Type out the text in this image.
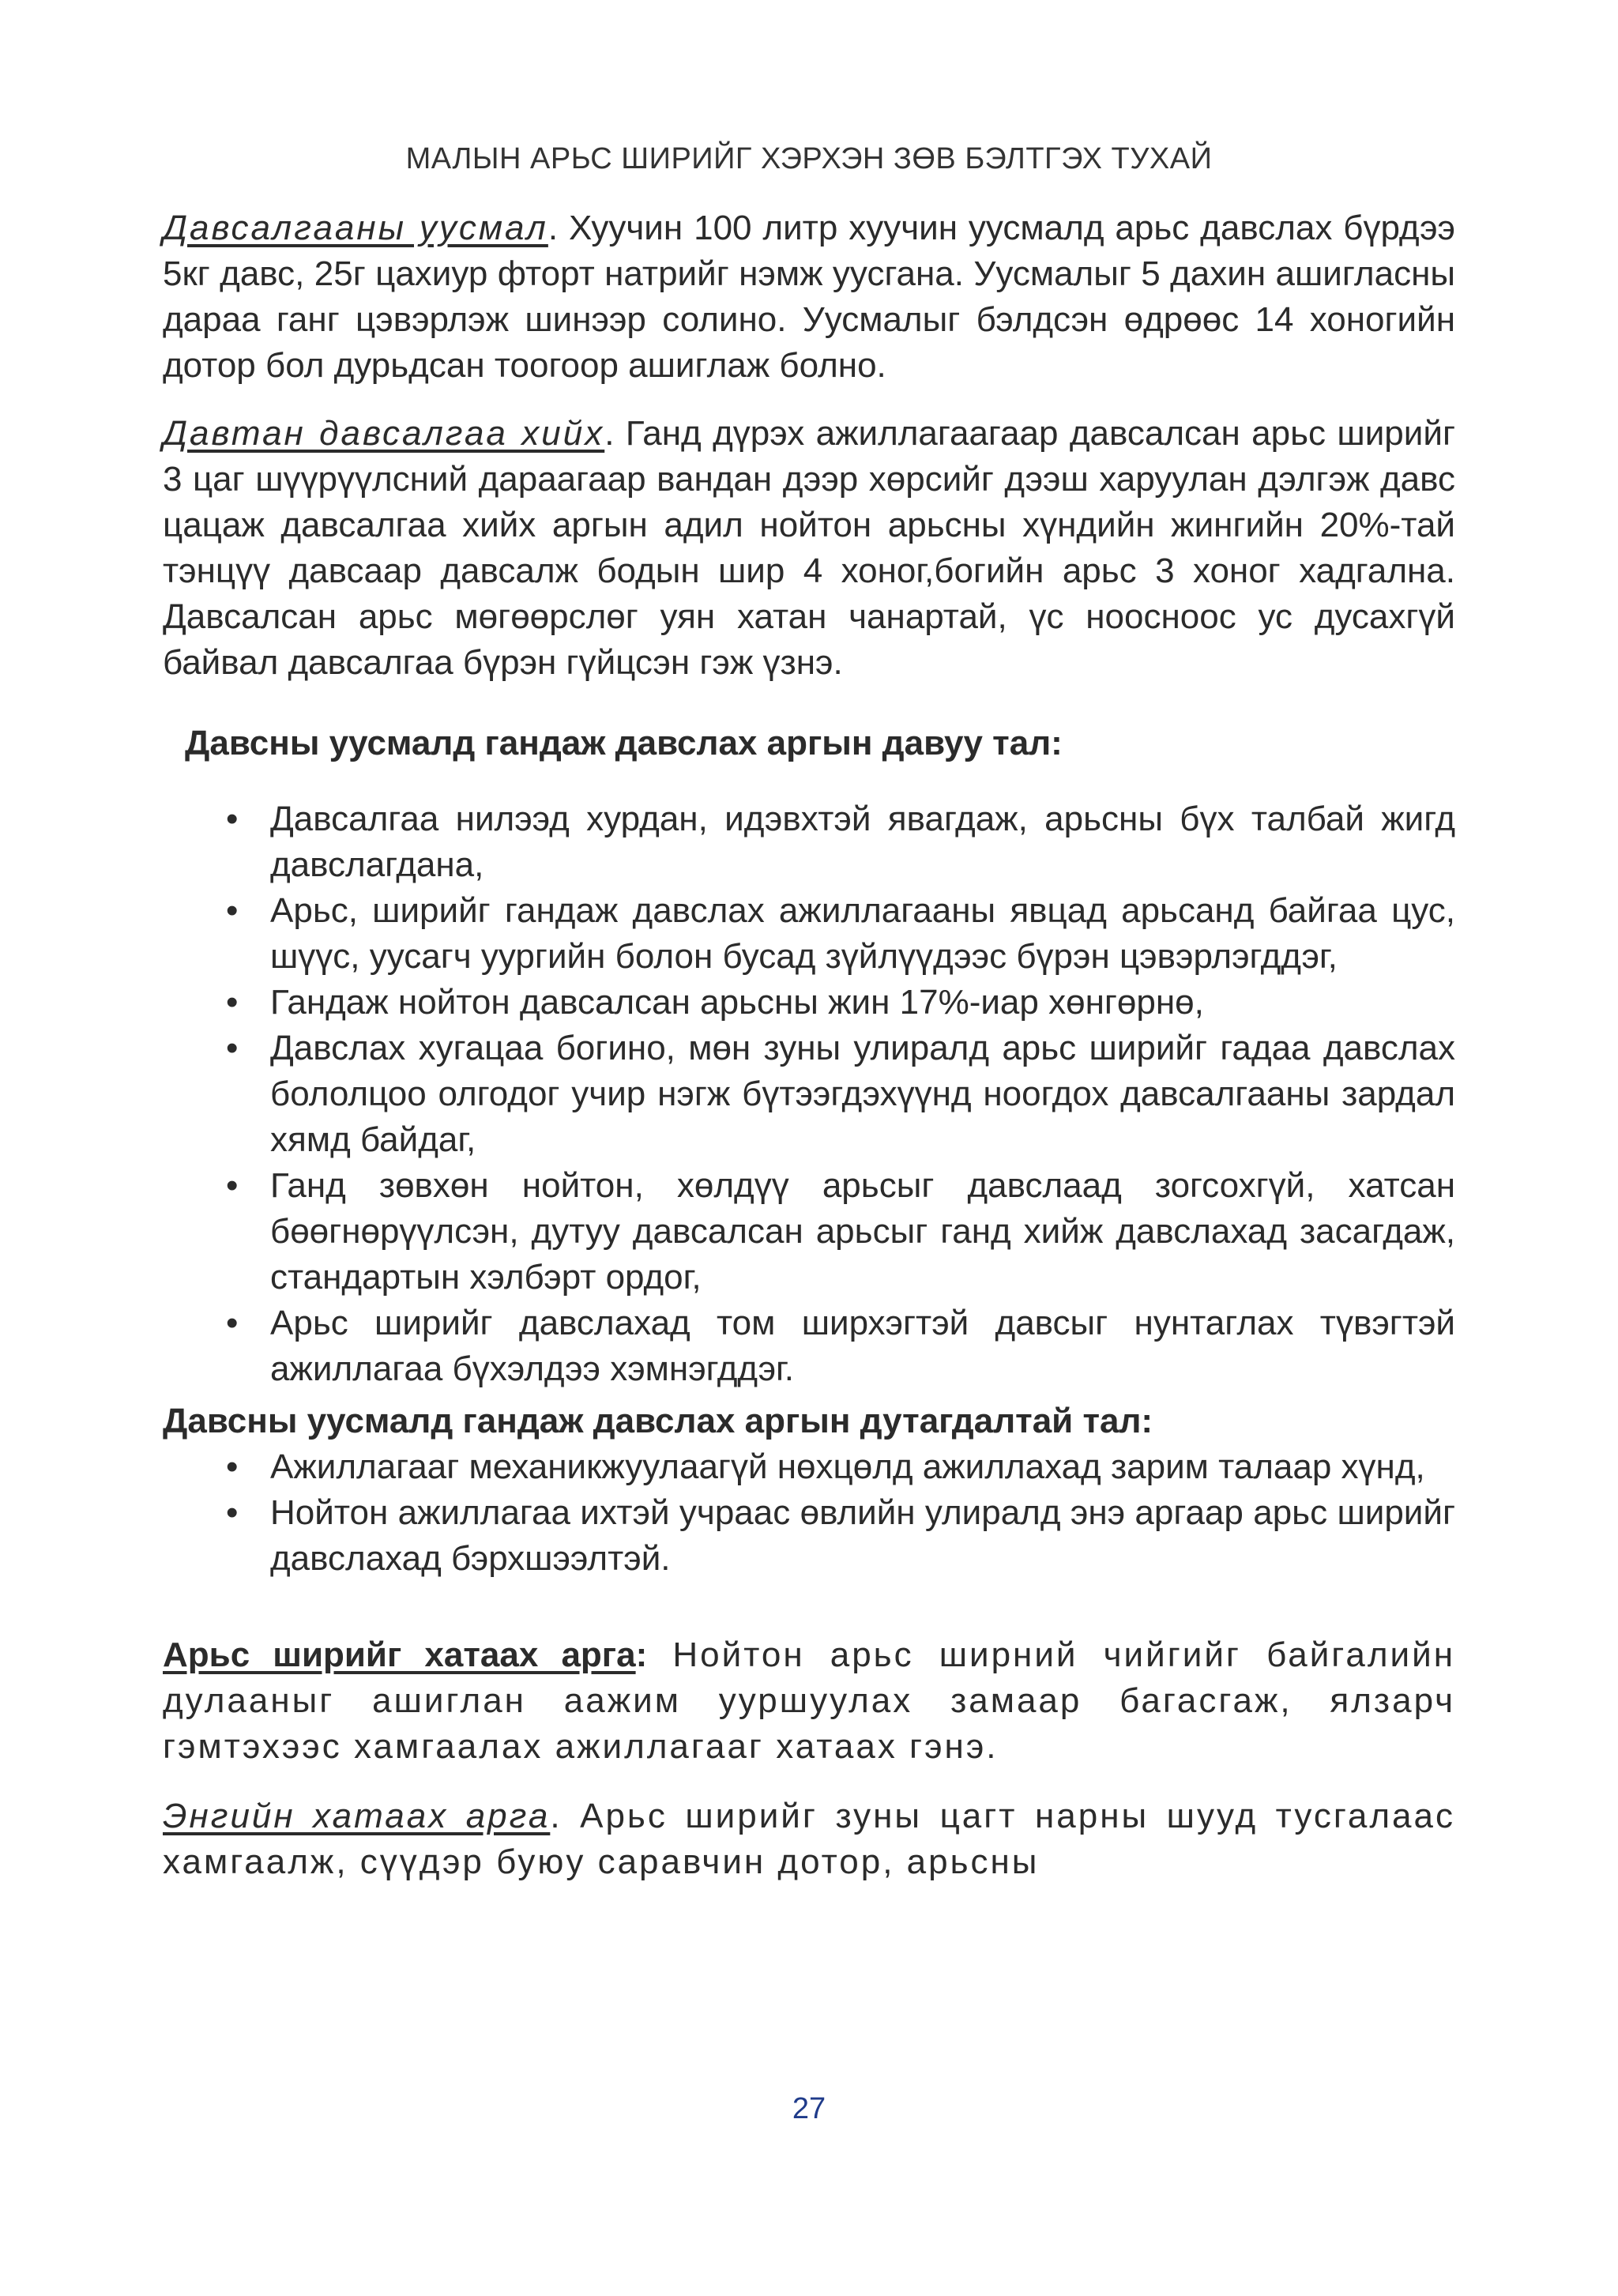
МАЛЫН АРЬС ШИРИЙГ ХЭРХЭН ЗӨВ БЭЛТГЭХ ТУХАЙ

Давсалгааны уусмал. Хуучин 100 литр хуучин уусмалд арьс давслах бүрдээ 5кг давс, 25г цахиур фторт натрийг нэмж уусгана. Уусмалыг 5 дахин ашигласны дараа ганг цэвэрлэж шинээр солино. Уусмалыг бэлдсэн өдрөөс 14 хоногийн дотор бол дурьдсан тоогоор ашиглаж болно.

Давтан давсалгаа хийх. Ганд дүрэх ажиллагаагаар давсалсан арьс ширийг 3 цаг шүүрүүлсний дараагаар вандан дээр хөрсийг дээш харуулан дэлгэж давс цацаж давсалгаа хийх аргын адил нойтон арьсны хүндийн жингийн 20%-тай тэнцүү давсаар давсалж бодын шир 4 хоног,богийн арьс 3 хоног хадгална. Давсалсан арьс мөгөөрслөг уян хатан чанартай, үс ноосноос ус дусахгүй байвал давсалгаа бүрэн гүйцсэн гэж үзнэ.

Давсны уусмалд гандаж давслах аргын давуу тал:

• Давсалгаа нилээд хурдан, идэвхтэй явагдаж, арьсны бүх талбай жигд давслагдана,
• Арьс, ширийг гандаж давслах ажиллагааны явцад арьсанд байгаа цус, шүүс, уусагч уургийн болон бусад зүйлүүдээс бүрэн цэвэрлэгддэг,
• Гандаж нойтон давсалсан арьсны жин 17%-иар хөнгөрнө,
• Давслах хугацаа богино, мөн зуны улиралд арьс ширийг гадаа давслах бололцоо олгодог учир нэгж бүтээгдэхүүнд ноогдох давсалгааны зардал хямд байдаг,
• Ганд зөвхөн нойтон, хөлдүү арьсыг давслаад зогсохгүй, хатсан бөөгнөрүүлсэн, дутуу давсалсан арьсыг ганд хийж давслахад засагдаж, стандартын хэлбэрт ордог,
• Арьс ширийг давслахад том ширхэгтэй давсыг нунтаглах түвэгтэй ажиллагаа бүхэлдээ хэмнэгддэг.

Давсны уусмалд гандаж давслах аргын дутагдалтай тал:

• Ажиллагааг механикжуулаагүй нөхцөлд ажиллахад зарим талаар хүнд,
• Нойтон ажиллагаа ихтэй учраас өвлийн улиралд энэ аргаар арьс ширийг давслахад бэрхшээлтэй.

Арьс ширийг хатаах арга: Нойтон арьс ширний чийгийг байгалийн дулааныг ашиглан аажим ууршуулах замаар багасгаж, ялзарч гэмтэхээс хамгаалах ажиллагааг хатаах гэнэ.

Энгийн хатаах арга. Арьс ширийг зуны цагт нарны шууд тусгалаас хамгаалж, сүүдэр буюу саравчин дотор, арьсны

27
